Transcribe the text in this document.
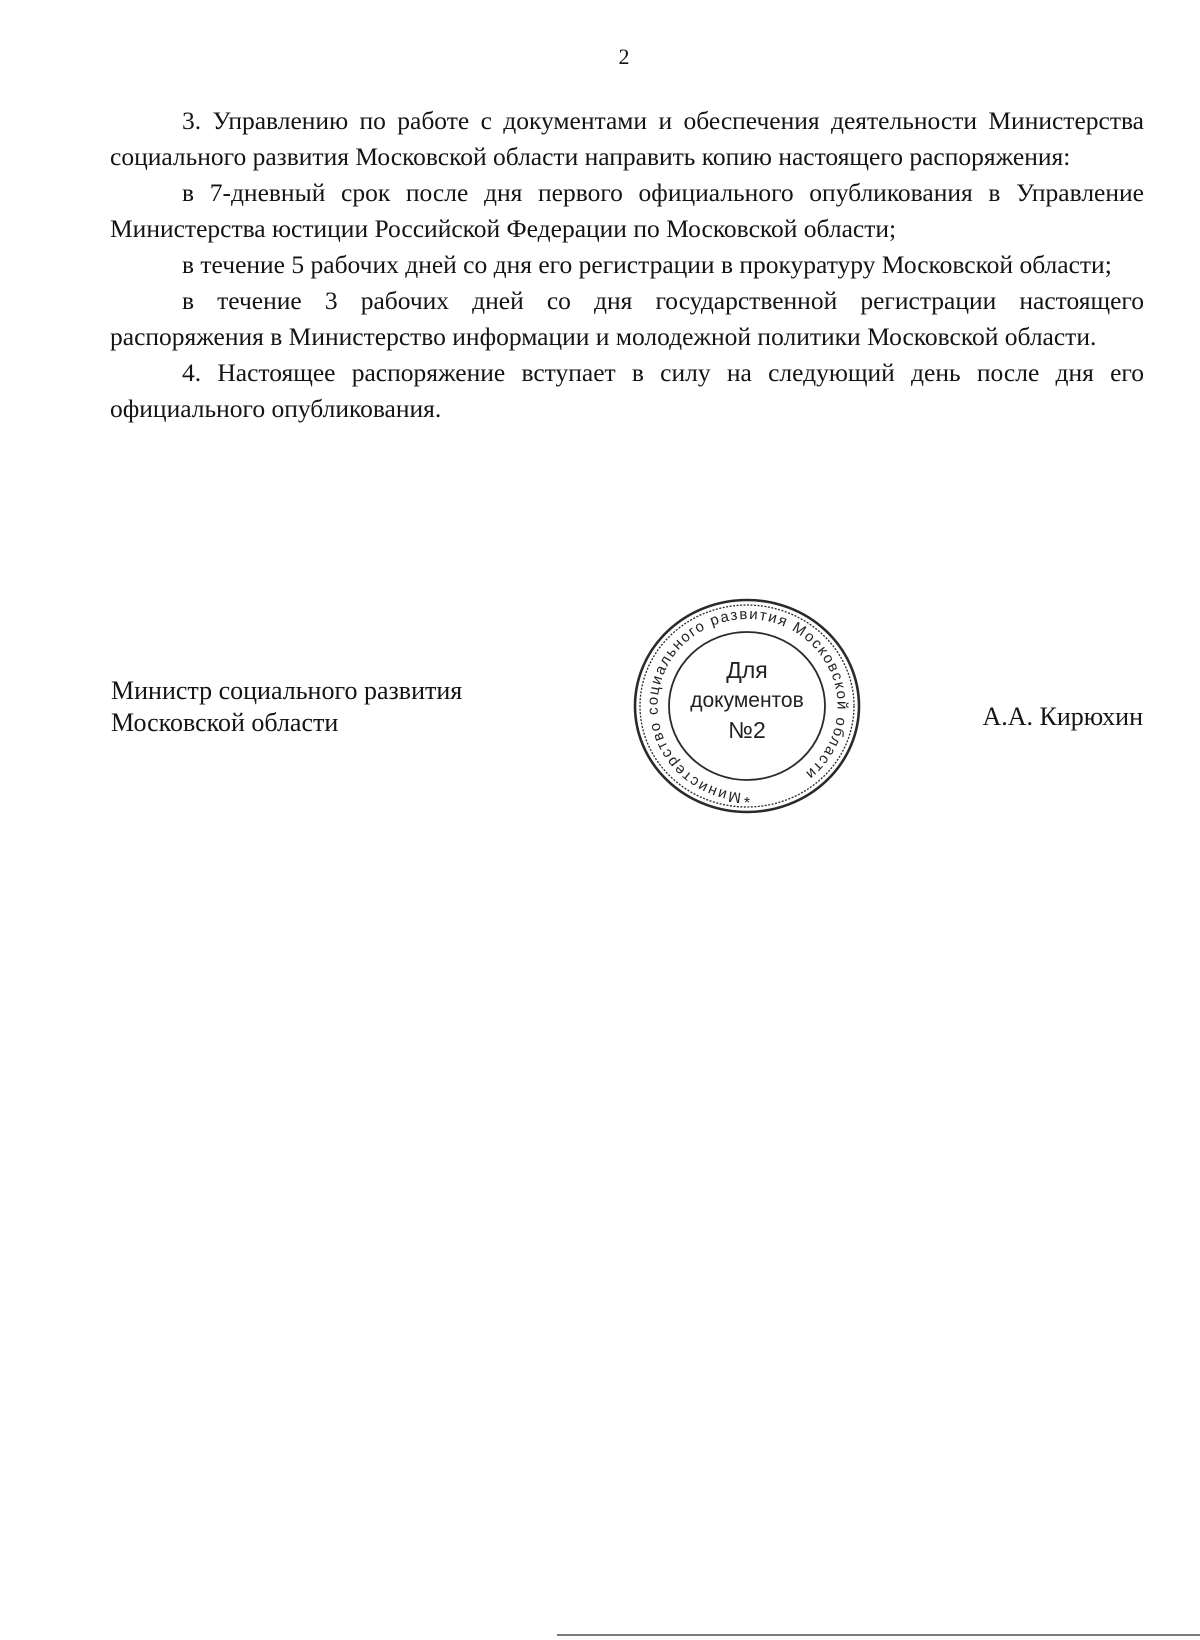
2

3. Управлению по работе с документами и обеспечения деятельности Министерства социального развития Московской области направить копию настоящего распоряжения:

в 7-дневный срок после дня первого официального опубликования в Управление Министерства юстиции Российской Федерации по Московской области;

в течение 5 рабочих дней со дня его регистрации в прокуратуру Московской области;

в течение 3 рабочих дней со дня государственной регистрации настоящего распоряжения в Министерство информации и молодежной политики Московской области.

4. Настоящее распоряжение вступает в силу на следующий день после дня его официального опубликования.

Министр социального развития
Московской области	А.А. Кирюхин
Министерство социального развития Московской области
*
Для
документов
№2
